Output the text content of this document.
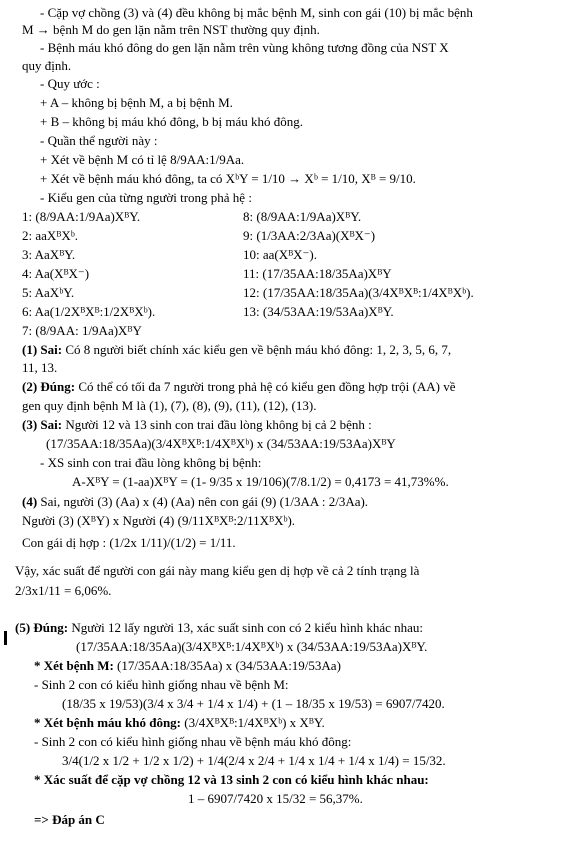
- Cặp vợ chồng (3) và (4) đều không bị mắc bệnh M, sinh con gái (10) bị mắc bệnh
M → bệnh M do gen lặn nằm trên NST thường quy định.
- Bệnh máu khó đông do gen lặn nằm trên vùng không tương đồng của NST X
quy định.
- Quy ước :
+ A – không bị bệnh M, a bị bệnh M.
+ B – không bị máu khó đông, b bị máu khó đông.
- Quần thể người này :
+ Xét về bệnh M có tỉ lệ 8/9AA:1/9Aa.
+ Xét về bệnh máu khó đông, ta có XᵇY = 1/10 → Xᵇ = 1/10, Xᴮ = 9/10.
- Kiểu gen của từng người trong phả hệ :
1: (8/9AA:1/9Aa)XᴮY.	8: (8/9AA:1/9Aa)XᴮY.
2: aaXᴮXᵇ.	9: (1/3AA:2/3Aa)(XᴮX⁻)
3: AaXᴮY.	10: aa(XᴮX⁻).
4: Aa(XᴮX⁻)	11: (17/35AA:18/35Aa)XᴮY
5: AaXᵇY.	12: (17/35AA:18/35Aa)(3/4XᴮXᴮ:1/4XᴮXᵇ).
6: Aa(1/2XᴮXᴮ:1/2XᴮXᵇ).	13: (34/53AA:19/53Aa)XᴮY.
7: (8/9AA: 1/9Aa)XᴮY
(1) Sai: Có 8 người biết chính xác kiểu gen về bệnh máu khó đông: 1, 2, 3, 5, 6, 7,
11, 13.
(2) Đúng: Có thể có tối đa 7 người trong phả hệ có kiểu gen đồng hợp trội (AA) về
gen quy định bệnh M là (1), (7), (8), (9), (11), (12), (13).
(3) Sai: Người 12 và 13 sinh con trai đầu lòng không bị cả 2 bệnh :
(17/35AA:18/35Aa)(3/4XᴮXᴮ:1/4XᴮXᵇ) x (34/53AA:19/53Aa)XᴮY
- XS sinh con trai đầu lòng không bị bệnh:
A-XᴮY = (1-aa)XᴮY = (1- 9/35 x 19/106)(7/8.1/2) = 0,4173 = 41,73%%.
(4) Sai, người (3) (Aa) x (4) (Aa) nên con gái (9) (1/3AA : 2/3Aa).
Người (3) (XᴮY) x Người (4) (9/11XᴮXᴮ:2/11XᴮXᵇ).
Con gái dị hợp : (1/2x 1/11)/(1/2) = 1/11.
Vậy, xác suất để người con gái này mang kiểu gen dị hợp về cả 2 tính trạng là
2/3x1/11 = 6,06%.
(5) Đúng: Người 12 lấy người 13, xác suất sinh con có 2 kiểu hình khác nhau:
(17/35AA:18/35Aa)(3/4XᴮXᴮ:1/4XᴮXᵇ) x (34/53AA:19/53Aa)XᴮY.
* Xét bệnh M: (17/35AA:18/35Aa) x (34/53AA:19/53Aa)
- Sinh 2 con có kiểu hình giống nhau về bệnh M:
(18/35 x 19/53)(3/4 x 3/4 + 1/4 x 1/4) + (1 – 18/35 x 19/53) = 6907/7420.
* Xét bệnh máu khó đông: (3/4XᴮXᴮ:1/4XᴮXᵇ) x XᴮY.
- Sinh 2 con có kiểu hình giống nhau về bệnh máu khó đông:
3/4(1/2 x 1/2 + 1/2 x 1/2) + 1/4(2/4 x 2/4 + 1/4 x 1/4 + 1/4 x 1/4) = 15/32.
* Xác suất để cặp vợ chồng 12 và 13 sinh 2 con có kiểu hình khác nhau:
1 – 6907/7420 x 15/32 = 56,37%.
=> Đáp án C
